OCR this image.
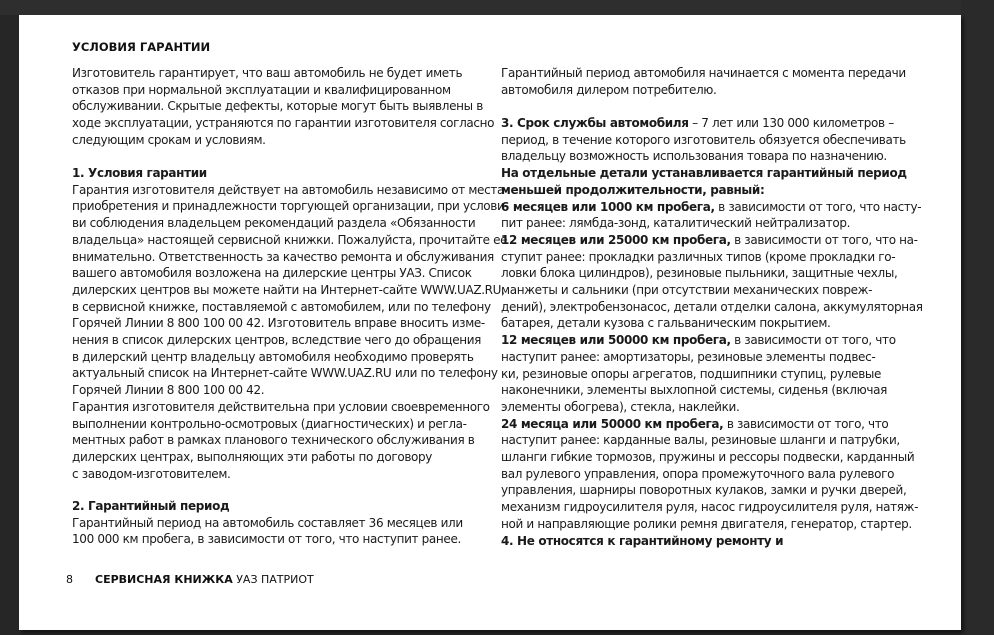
УСЛОВИЯ ГАРАНТИИ
Изготовитель гарантирует, что ваш автомобиль не будет иметь
отказов при нормальной эксплуатации и квалифицированном
обслуживании. Скрытые дефекты, которые могут быть выявлены в
ходе эксплуатации, устраняются по гарантии изготовителя согласно
следующим срокам и условиям.
1. Условия гарантии
Гарантия изготовителя действует на автомобиль независимо от места
приобретения и принадлежности торгующей организации, при услови-
ви соблюдения владельцем рекомендаций раздела «Обязанности
владельца» настоящей сервисной книжки. Пожалуйста, прочитайте ее
внимательно. Ответственность за качество ремонта и обслуживания
вашего автомобиля возложена на дилерские центры УАЗ. Список
дилерских центров вы можете найти на Интернет-сайте WWW.UAZ.RU,
в сервисной книжке, поставляемой с автомобилем, или по телефону
Горячей Линии 8 800 100 00 42. Изготовитель вправе вносить изме-
нения в список дилерских центров, вследствие чего до обращения
в дилерский центр владельцу автомобиля необходимо проверять
актуальный список на Интернет-сайте WWW.UAZ.RU или по телефону
Горячей Линии 8 800 100 00 42.
Гарантия изготовителя действительна при условии своевременного
выполнении контрольно-осмотровых (диагностических) и регла-
ментных работ в рамках планового технического обслуживания в
дилерских центрах, выполняющих эти работы по договору
с заводом-изготовителем.
2. Гарантийный период
Гарантийный период на автомобиль составляет 36 месяцев или
100 000 км пробега, в зависимости от того, что наступит ранее.
Гарантийный период автомобиля начинается с момента передачи
автомобиля дилером потребителю.
3. Срок службы автомобиля – 7 лет или 130 000 километров –
период, в течение которого изготовитель обязуется обеспечивать
владельцу возможность использования товара по назначению.
На отдельные детали устанавливается гарантийный период
меньшей продолжительности, равный:
6 месяцев или 1000 км пробега, в зависимости от того, что насту-
пит ранее: лямбда-зонд, каталитический нейтрализатор.
12 месяцев или 25000 км пробега, в зависимости от того, что на-
ступит ранее: прокладки различных типов (кроме прокладки го-
ловки блока цилиндров), резиновые пыльники, защитные чехлы,
манжеты и сальники (при отсутствии механических повреж-
дений), электробензонасос, детали отделки салона, аккумуляторная
батарея, детали кузова с гальваническим покрытием.
12 месяцев или 50000 км пробега, в зависимости от того, что
наступит ранее: амортизаторы, резиновые элементы подвес-
ки, резиновые опоры агрегатов, подшипники ступиц, рулевые
наконечники, элементы выхлопной системы, сиденья (включая
элементы обогрева), стекла, наклейки.
24 месяца или 50000 км пробега, в зависимости от того, что
наступит ранее: карданные валы, резиновые шланги и патрубки,
шланги гибкие тормозов, пружины и рессоры подвески, карданный
вал рулевого управления, опора промежуточного вала рулевого
управления, шарниры поворотных кулаков, замки и ручки дверей,
механизм гидроусилителя руля, насос гидроусилителя руля, натяж-
ной и направляющие ролики ремня двигателя, генератор, стартер.
4. Не относятся к гарантийному ремонту и
8 СЕРВИСНАЯ КНИЖКА УАЗ ПАТРИОТ
